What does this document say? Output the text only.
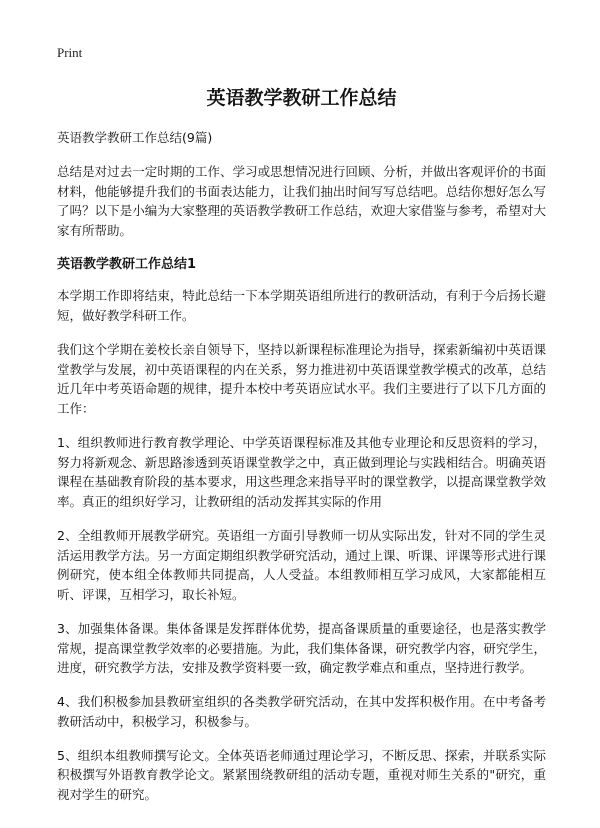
Print
英语教学教研工作总结
英语教学教研工作总结(9篇)

总结是对过去一定时期的工作、学习或思想情况进行回顾、分析，并做出客观评价的书面材料，他能够提升我们的书面表达能力，让我们抽出时间写写总结吧。总结你想好怎么写了吗？以下是小编为大家整理的英语教学教研工作总结，欢迎大家借鉴与参考，希望对大家有所帮助。

英语教学教研工作总结1

本学期工作即将结束，特此总结一下本学期英语组所进行的教研活动，有利于今后扬长避短，做好教学科研工作。

我们这个学期在姜校长亲自领导下，坚持以新课程标准理论为指导，探索新编初中英语课堂教学与发展，初中英语课程的内在关系，努力推进初中英语课堂教学模式的改革，总结近几年中考英语命题的规律，提升本校中考英语应试水平。我们主要进行了以下几方面的工作：

1、组织教师进行教育教学理论、中学英语课程标准及其他专业理论和反思资料的学习，努力将新观念、新思路渗透到英语课堂教学之中，真正做到理论与实践相结合。明确英语课程在基础教育阶段的基本要求，用这些理念来指导平时的课堂教学，以提高课堂教学效率。真正的组织好学习，让教研组的活动发挥其实际的作用

2、全组教师开展教学研究。英语组一方面引导教师一切从实际出发，针对不同的学生灵活运用教学方法。另一方面定期组织教学研究活动，通过上课、听课、评课等形式进行课例研究，使本组全体教师共同提高，人人受益。本组教师相互学习成风，大家都能相互听、评课，互相学习，取长补短。

3、加强集体备课。集体备课是发挥群体优势，提高备课质量的重要途径，也是落实教学常规，提高课堂教学效率的必要措施。为此，我们集体备课，研究教学内容，研究学生，进度，研究教学方法，安排及教学资料要一致，确定教学难点和重点，坚持进行教学。

4、我们积极参加县教研室组织的各类教学研究活动，在其中发挥积极作用。在中考备考教研活动中，积极学习，积极参与。

5、组织本组教师撰写论文。全体英语老师通过理论学习，不断反思、探索，并联系实际积极撰写外语教育教学论文。紧紧围绕教研组的活动专题，重视对师生关系的"研究，重视对学生的研究。
